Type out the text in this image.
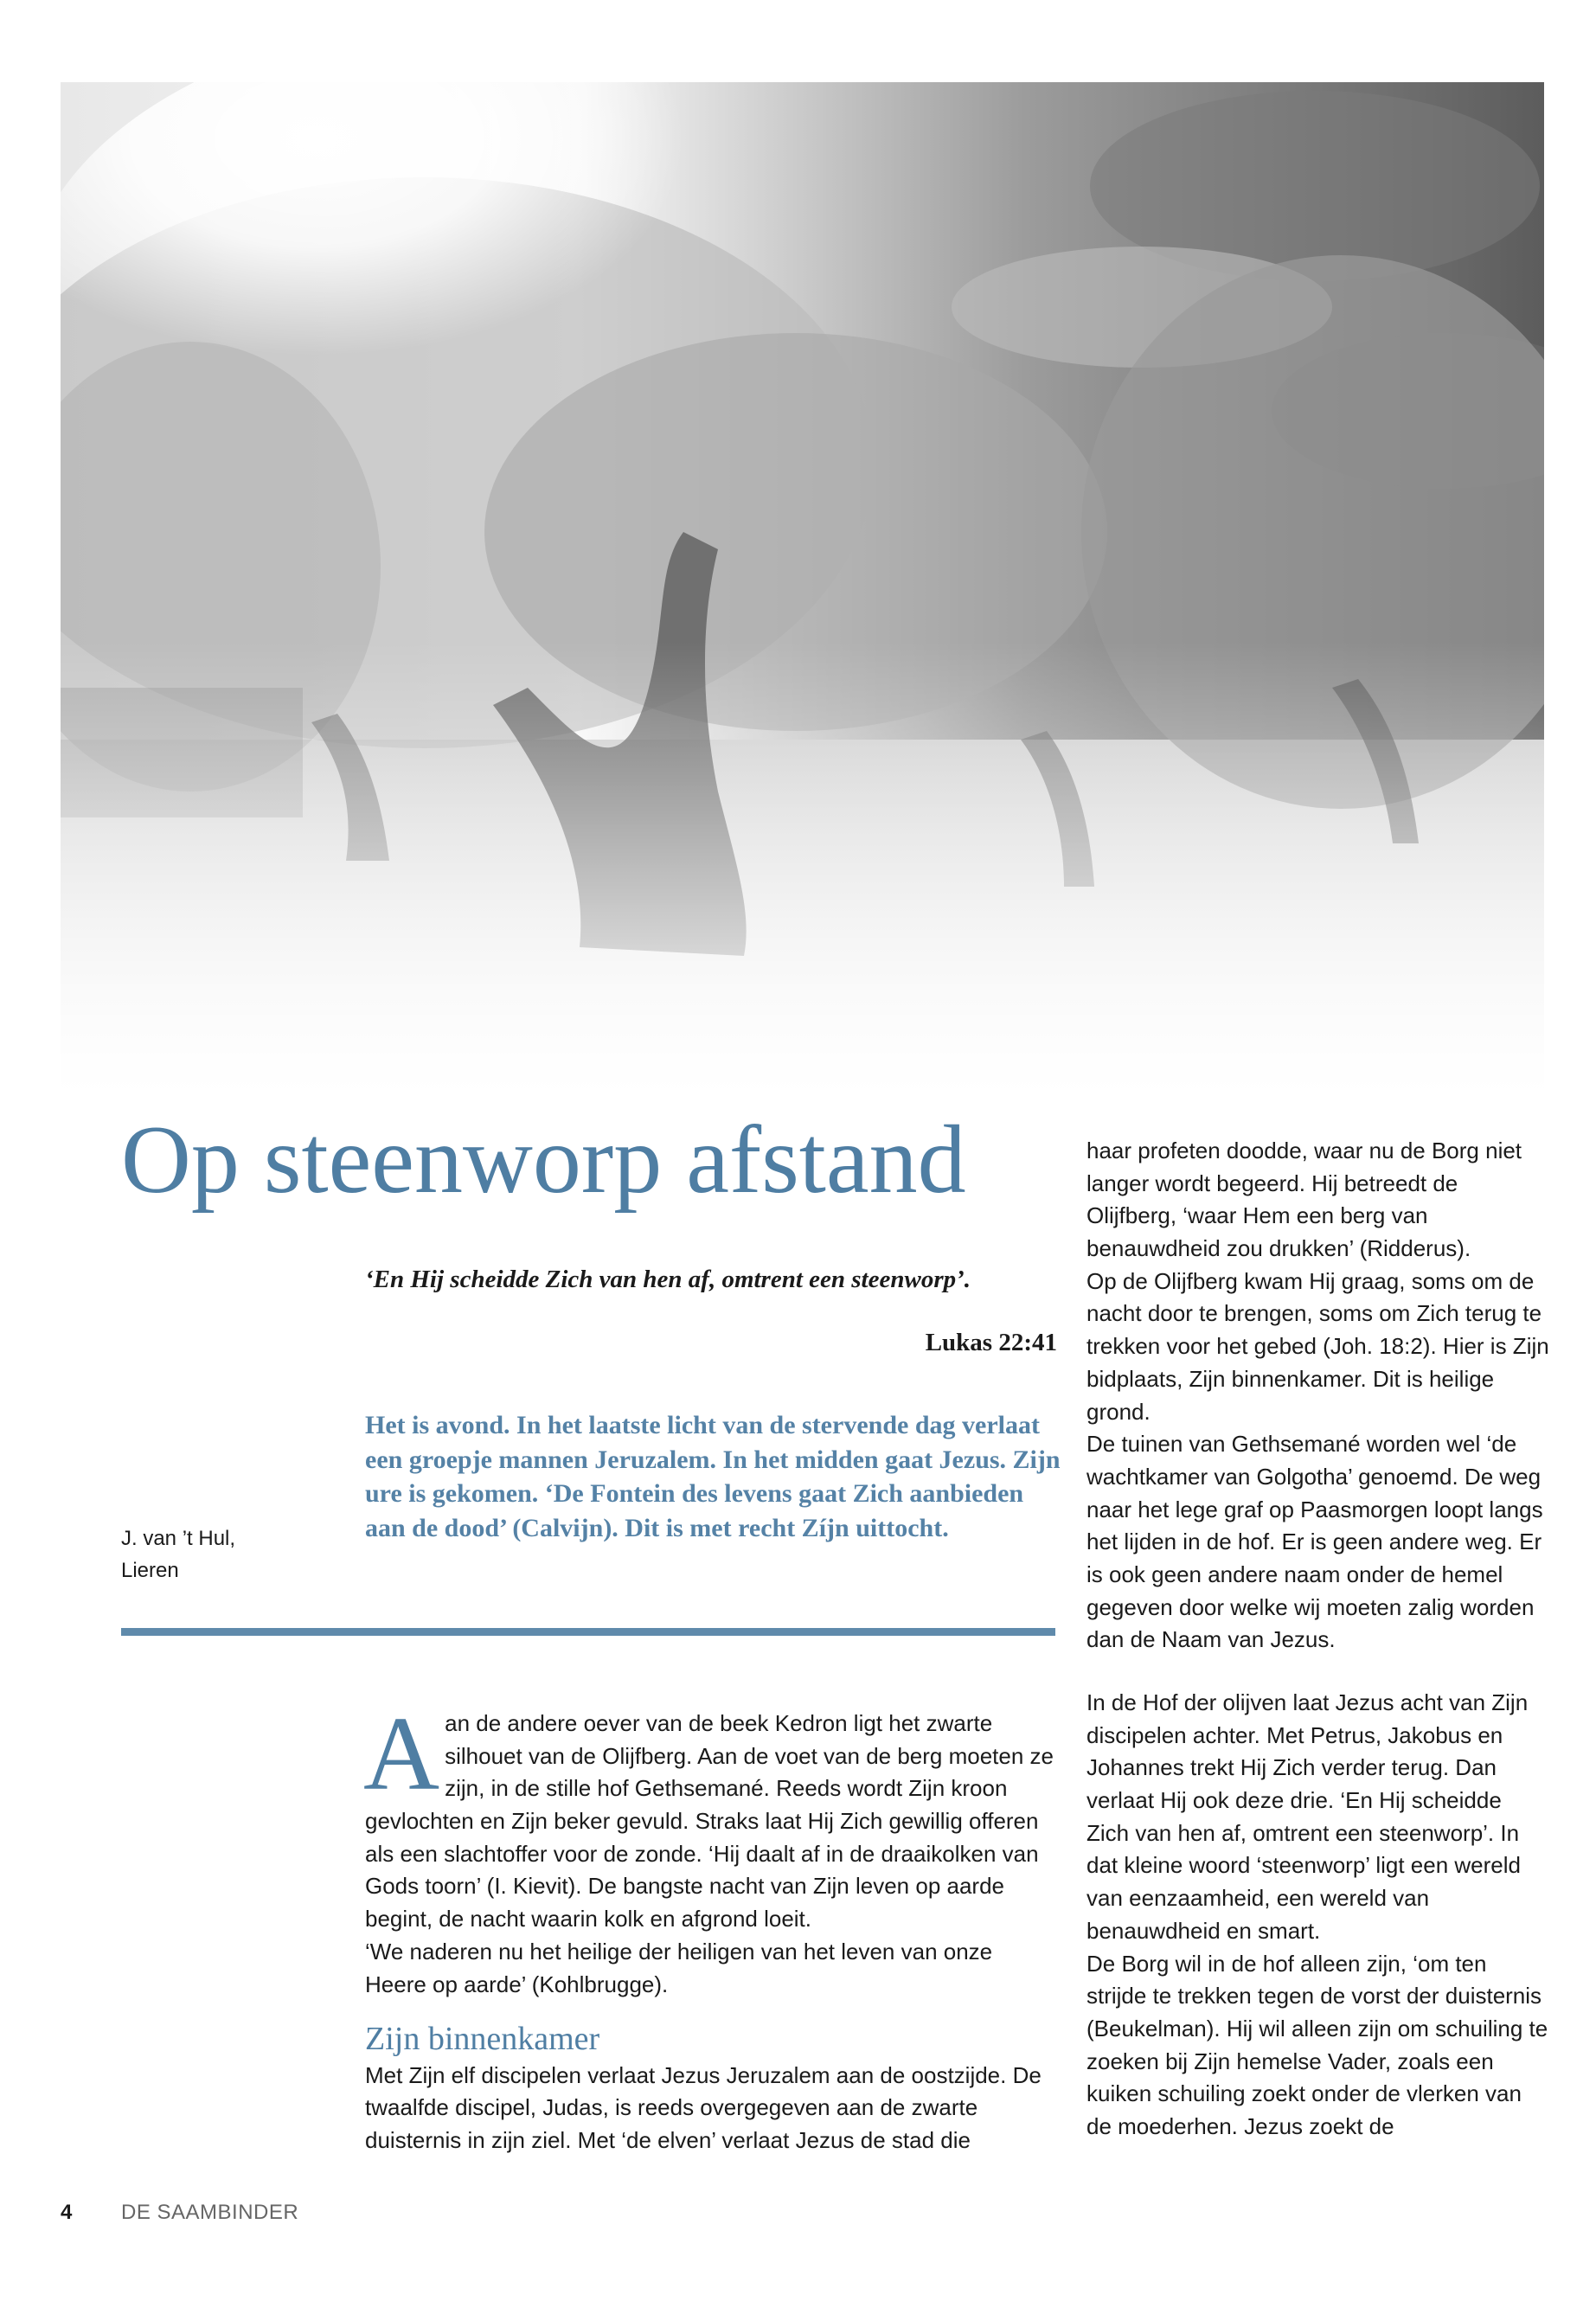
Op steenworp afstand

‘En Hij scheidde Zich van hen af, omtrent een steenworp’.

Lukas 22:41
Het is avond. In het laatste licht van de stervende dag verlaat een groepje mannen Jeruzalem. In het midden gaat Jezus. Zijn ure is gekomen. ‘De Fontein des levens gaat Zich aanbieden aan de dood’ (Calvijn). Dit is met recht Zíjn uittocht.
J. van ’t Hul,
Lieren

Aan de andere oever van de beek Kedron ligt het zwarte silhouet van de Olijfberg. Aan de voet van de berg moeten ze zijn, in de stille hof Gethsemané. Reeds wordt Zijn kroon gevlochten en Zijn beker gevuld. Straks laat Hij Zich gewillig offeren als een slachtoffer voor de zonde. ‘Hij daalt af in de draaikolken van Gods toorn’ (I. Kievit). De bangste nacht van Zijn leven op aarde begint, de nacht waarin kolk en afgrond loeit.

‘We naderen nu het heilige der heiligen van het leven van onze Heere op aarde’ (Kohlbrugge).

Zijn binnenkamer

Met Zijn elf discipelen verlaat Jezus Jeruzalem aan de oostzijde. De twaalfde discipel, Judas, is reeds overgegeven aan de zwarte duisternis in zijn ziel. Met ‘de elven’ verlaat Jezus de stad die

haar profeten doodde, waar nu de Borg niet langer wordt begeerd. Hij betreedt de Olijfberg, ‘waar Hem een berg van benauwdheid zou drukken’ (Ridderus).

Op de Olijfberg kwam Hij graag, soms om de nacht door te brengen, soms om Zich terug te trekken voor het gebed (Joh. 18:2). Hier is Zijn bidplaats, Zijn binnenkamer. Dit is heilige grond.

De tuinen van Gethsemané worden wel ‘de wachtkamer van Golgotha’ genoemd. De weg naar het lege graf op Paasmorgen loopt langs het lijden in de hof. Er is geen andere weg. Er is ook geen andere naam onder de hemel gegeven door welke wij moeten zalig worden dan de Naam van Jezus.

In de Hof der olijven laat Jezus acht van Zijn discipelen achter. Met Petrus, Jakobus en Johannes trekt Hij Zich verder terug. Dan verlaat Hij ook deze drie. ‘En Hij scheidde Zich van hen af, omtrent een steenworp’. In dat kleine woord ‘steenworp’ ligt een wereld van eenzaamheid, een wereld van benauwdheid en smart.

De Borg wil in de hof alleen zijn, ‘om ten strijde te trekken tegen de vorst der duisternis (Beukelman). Hij wil alleen zijn om schuiling te zoeken bij Zijn hemelse Vader, zoals een kuiken schuiling zoekt onder de vlerken van de moederhen. Jezus zoekt de

4 DE SAAMBINDER
